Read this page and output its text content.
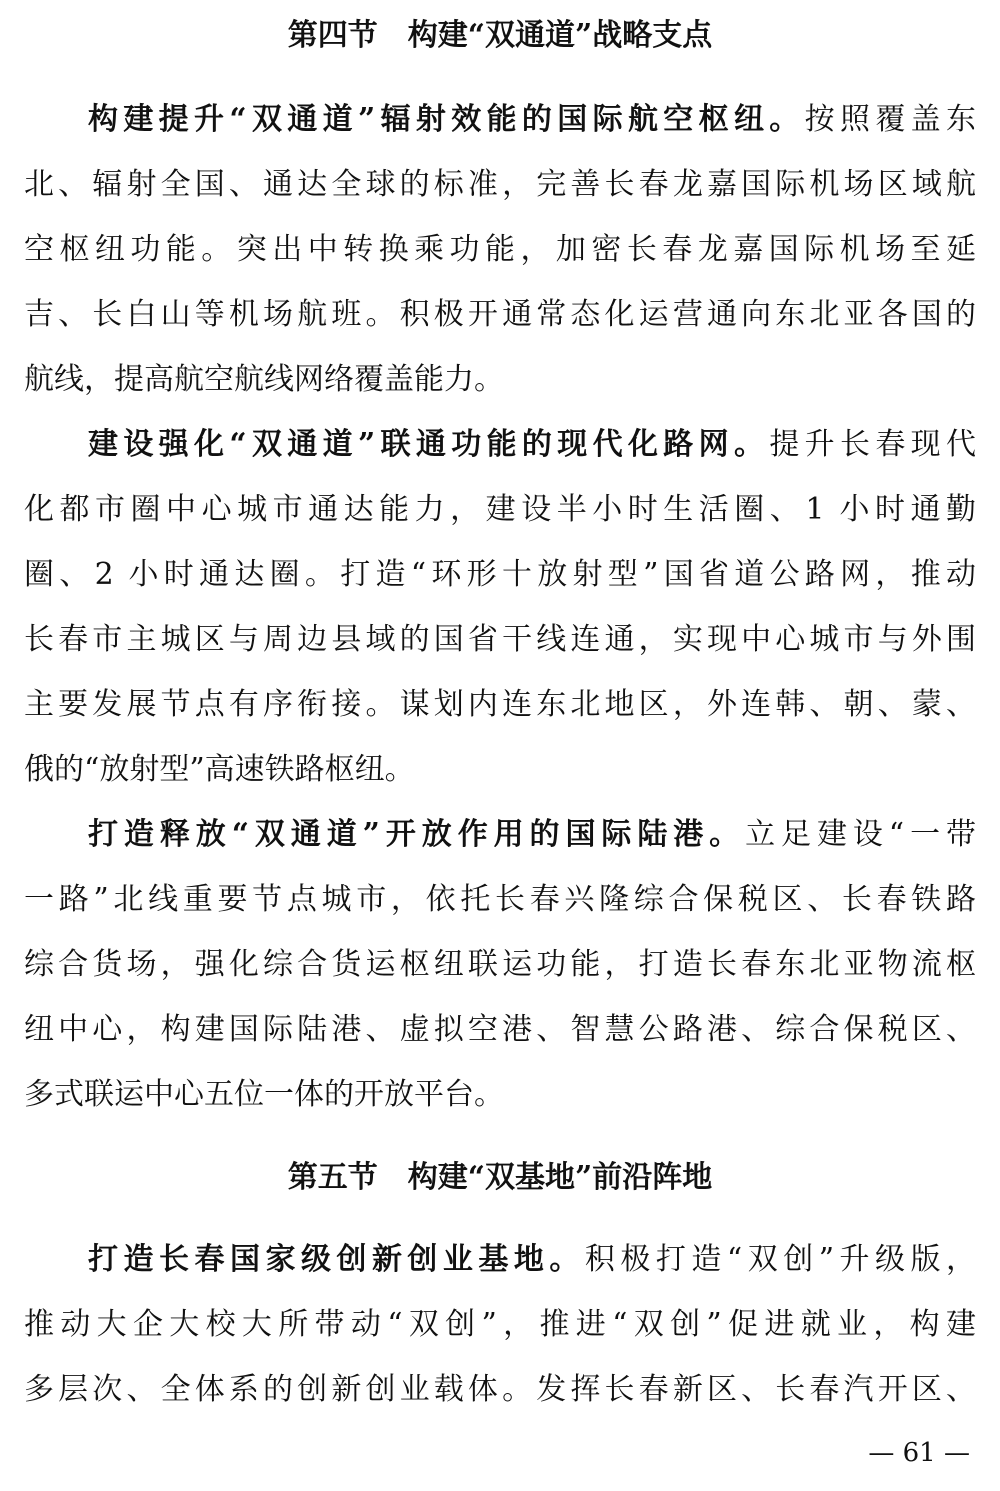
第四节　构建“双通道”战略支点
构建提升“双通道”辐射效能的国际航空枢纽。按照覆盖东
北、辐射全国、通达全球的标准，完善长春龙嘉国际机场区域航
空枢纽功能。突出中转换乘功能，加密长春龙嘉国际机场至延
吉、长白山等机场航班。积极开通常态化运营通向东北亚各国的
航线，提高航空航线网络覆盖能力。
建设强化“双通道”联通功能的现代化路网。提升长春现代
化都市圈中心城市通达能力，建设半小时生活圈、1 小时通勤
圈、2 小时通达圈。打造“环形十放射型”国省道公路网，推动
长春市主城区与周边县域的国省干线连通，实现中心城市与外围
主要发展节点有序衔接。谋划内连东北地区，外连韩、朝、蒙、
俄的“放射型”高速铁路枢纽。
打造释放“双通道”开放作用的国际陆港。立足建设“一带
一路”北线重要节点城市，依托长春兴隆综合保税区、长春铁路
综合货场，强化综合货运枢纽联运功能，打造长春东北亚物流枢
纽中心，构建国际陆港、虚拟空港、智慧公路港、综合保税区、
多式联运中心五位一体的开放平台。
第五节　构建“双基地”前沿阵地
打造长春国家级创新创业基地。积极打造“双创”升级版，
推动大企大校大所带动“双创”，推进“双创”促进就业，构建
多层次、全体系的创新创业载体。发挥长春新区、长春汽开区、
— 61 —
